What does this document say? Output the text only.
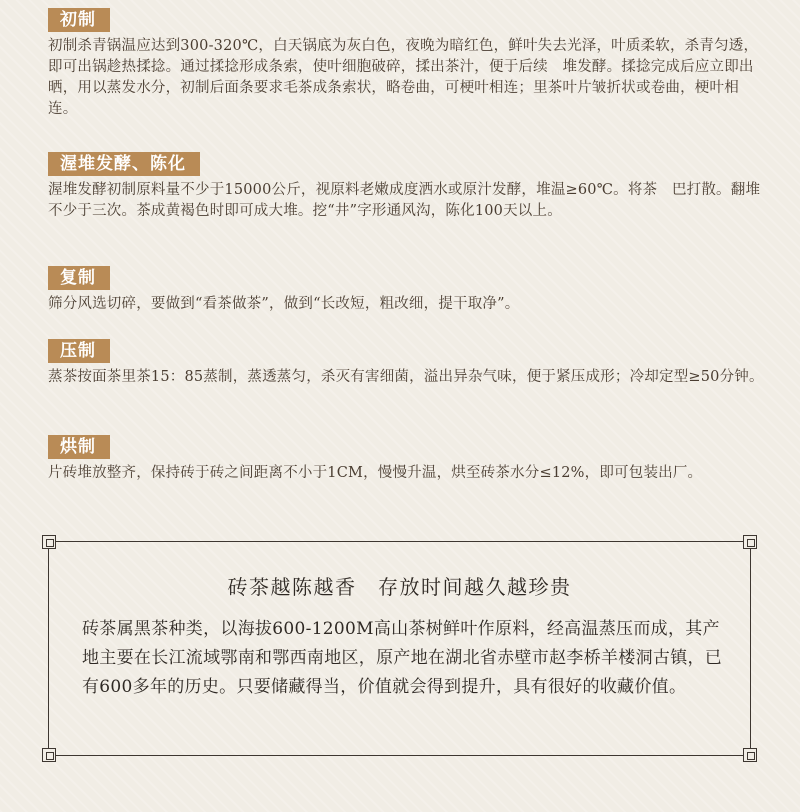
初制

初制杀青锅温应达到300-320℃，白天锅底为灰白色，夜晚为暗红色，鲜叶失去光泽，叶质柔软，杀青匀透，即可出锅趁热揉捻。通过揉捻形成条索，使叶细胞破碎，揉出茶汁，便于后续　堆发酵。揉捻完成后应立即出晒，用以蒸发水分，初制后面条要求毛茶成条索状，略卷曲，可梗叶相连；里茶叶片皱折状或卷曲，梗叶相连。

渥堆发酵、陈化

渥堆发酵初制原料量不少于15000公斤，视原料老嫩成度洒水或原汁发酵，堆温≥60℃。将茶　巴打散。翻堆不少于三次。茶成黄褐色时即可成大堆。挖“井”字形通风沟，陈化100天以上。

复制

筛分风选切碎，要做到“看茶做茶”，做到“长改短，粗改细，提干取净”。

压制

蒸茶按面茶里茶15：85蒸制，蒸透蒸匀，杀灭有害细菌，溢出异杂气味，便于紧压成形；冷却定型≥50分钟。

烘制

片砖堆放整齐，保持砖于砖之间距离不小于1CM，慢慢升温，烘至砖茶水分≤12%，即可包装出厂。

砖茶越陈越香　存放时间越久越珍贵
砖茶属黑茶种类，以海拔600-1200M高山茶树鲜叶作原料，经高温蒸压而成，其产地主要在长江流域鄂南和鄂西南地区，原产地在湖北省赤壁市赵李桥羊楼洞古镇，已有600多年的历史。只要储藏得当，价值就会得到提升，具有很好的收藏价值。
